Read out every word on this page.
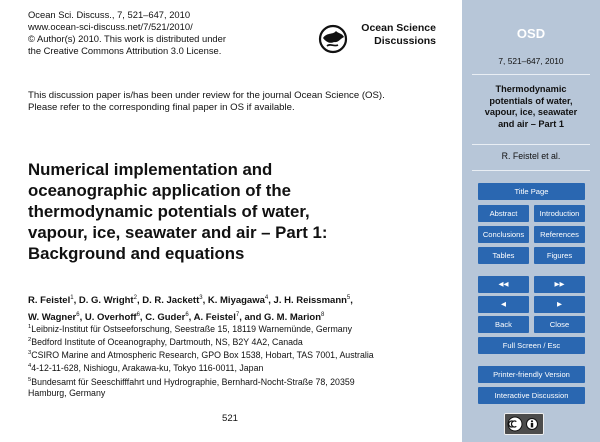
Ocean Sci. Discuss., 7, 521–647, 2010
www.ocean-sci-discuss.net/7/521/2010/
© Author(s) 2010. This work is distributed under
the Creative Commons Attribution 3.0 License.
Ocean Science
Discussions
This discussion paper is/has been under review for the journal Ocean Science (OS).
Please refer to the corresponding final paper in OS if available.
Numerical implementation and
oceanographic application of the
thermodynamic potentials of water,
vapour, ice, seawater and air – Part 1:
Background and equations
R. Feistel$^1$, D. G. Wright$^2$, D. R. Jackett$^3$, K. Miyagawa$^4$, J. H. Reissmann$^5$,
W. Wagner$^6$, U. Overhoff$^6$, C. Guder$^6$, A. Feistel$^7$, and G. M. Marion$^8$
$^1$Leibniz-Institut für Ostseeforschung, Seestraße 15, 18119 Warnemünde, Germany
$^2$Bedford Institute of Oceanography, Dartmouth, NS, B2Y 4A2, Canada
$^3$CSIRO Marine and Atmospheric Research, GPO Box 1538, Hobart, TAS 7001, Australia
$^4$4-12-11-628, Nishiogu, Arakawa-ku, Tokyo 116-0011, Japan
$^5$Bundesamt für Seeschifffahrt und Hydrographie, Bernhard-Nocht-Straße 78, 20359
Hamburg, Germany
521
OSD
7, 521–647, 2010
Thermodynamic
potentials of water,
vapour, ice, seawater
and air – Part 1
R. Feistel et al.
Title Page
Abstract	Introduction
Conclusions	References
Tables	Figures
◀◀	▶▶
◀	▶
Back	Close
Full Screen / Esc
Printer-friendly Version
Interactive Discussion
